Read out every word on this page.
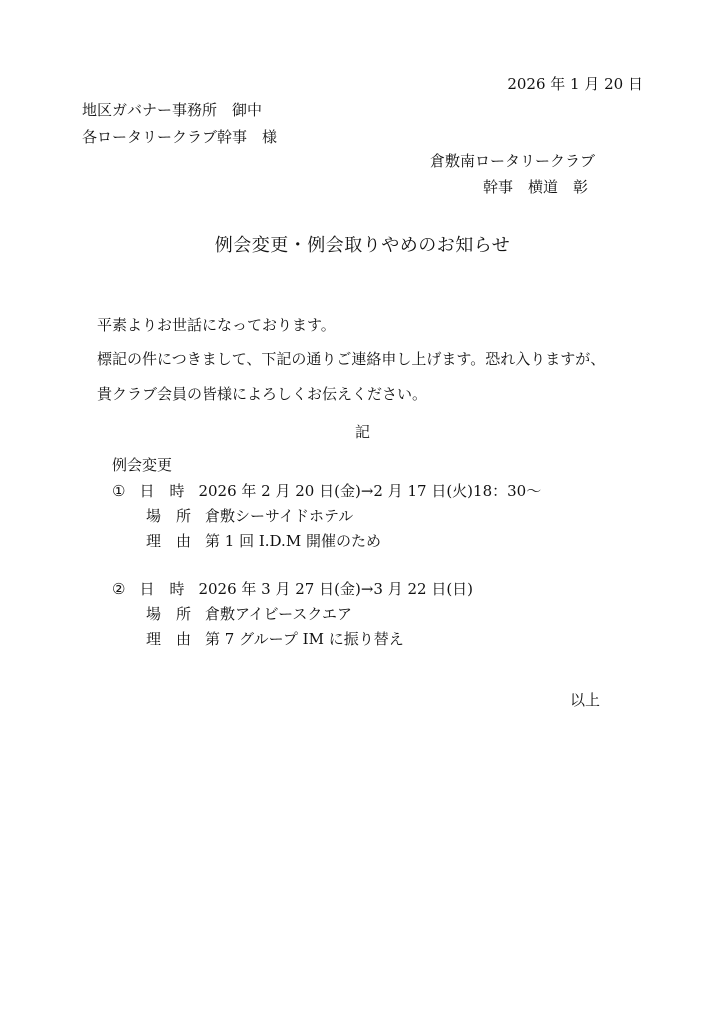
2026 年 1 月 20 日
地区ガバナー事務所　御中
各ロータリークラブ幹事　様
倉敷南ロータリークラブ
幹事　横道　彰
例会変更・例会取りやめのお知らせ
平素よりお世話になっております。
標記の件につきまして、下記の通りご連絡申し上げます。恐れ入りますが、
貴クラブ会員の皆様によろしくお伝えください。
記
例会変更
① 日　時 2026 年 2 月 20 日(金)→2 月 17 日(火)18：30～
場　所 倉敷シーサイドホテル
理　由 第 1 回 I.D.M 開催のため
② 日　時 2026 年 3 月 27 日(金)→3 月 22 日(日)
場　所 倉敷アイビースクエア
理　由 第 7 グループ IM に振り替え
以上
